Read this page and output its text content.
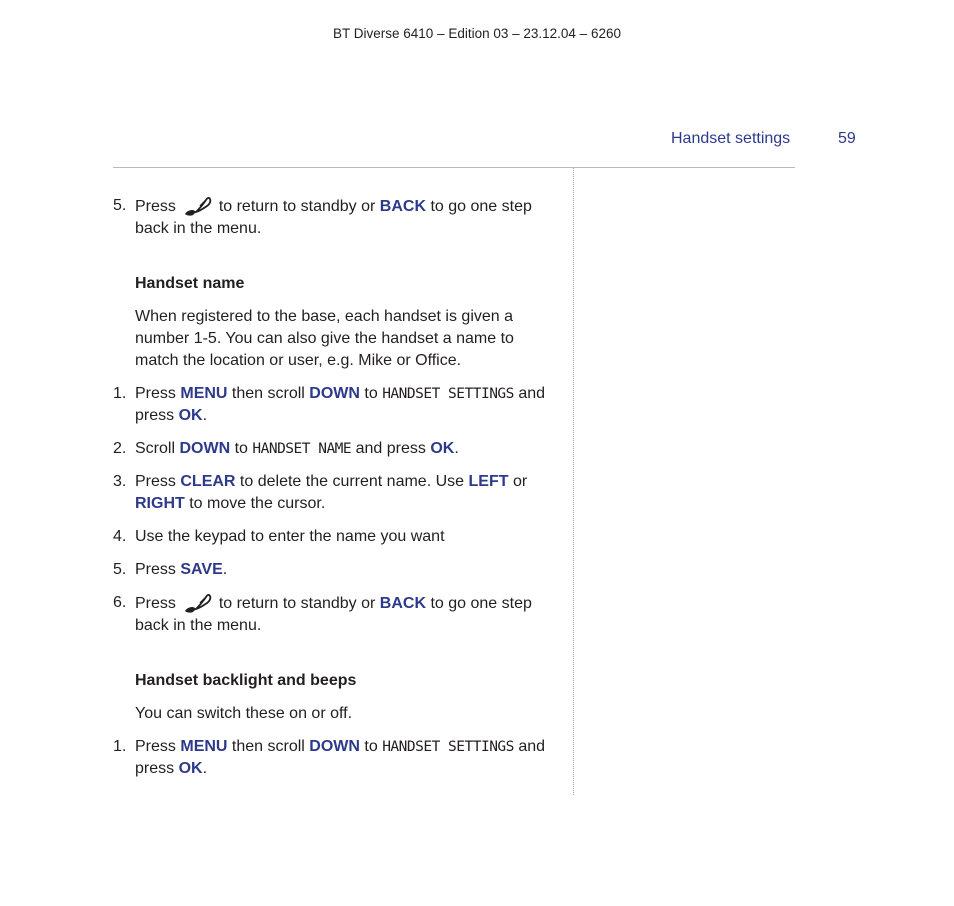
BT Diverse 6410 – Edition 03 – 23.12.04 – 6260
Handset settings	59
5. Press	to return to standby or BACK to go one step back in the menu.
Handset name
When registered to the base, each handset is given a number 1-5. You can also give the handset a name to match the location or user, e.g. Mike or Office.
1. Press MENU then scroll DOWN to HANDSET SETTINGS and press OK.
2. Scroll DOWN to HANDSET NAME and press OK.
3. Press CLEAR to delete the current name. Use LEFT or RIGHT to move the cursor.
4. Use the keypad to enter the name you want
5. Press SAVE.
6. Press	to return to standby or BACK to go one step back in the menu.
Handset backlight and beeps
You can switch these on or off.
1. Press MENU then scroll DOWN to HANDSET SETTINGS and press OK.
